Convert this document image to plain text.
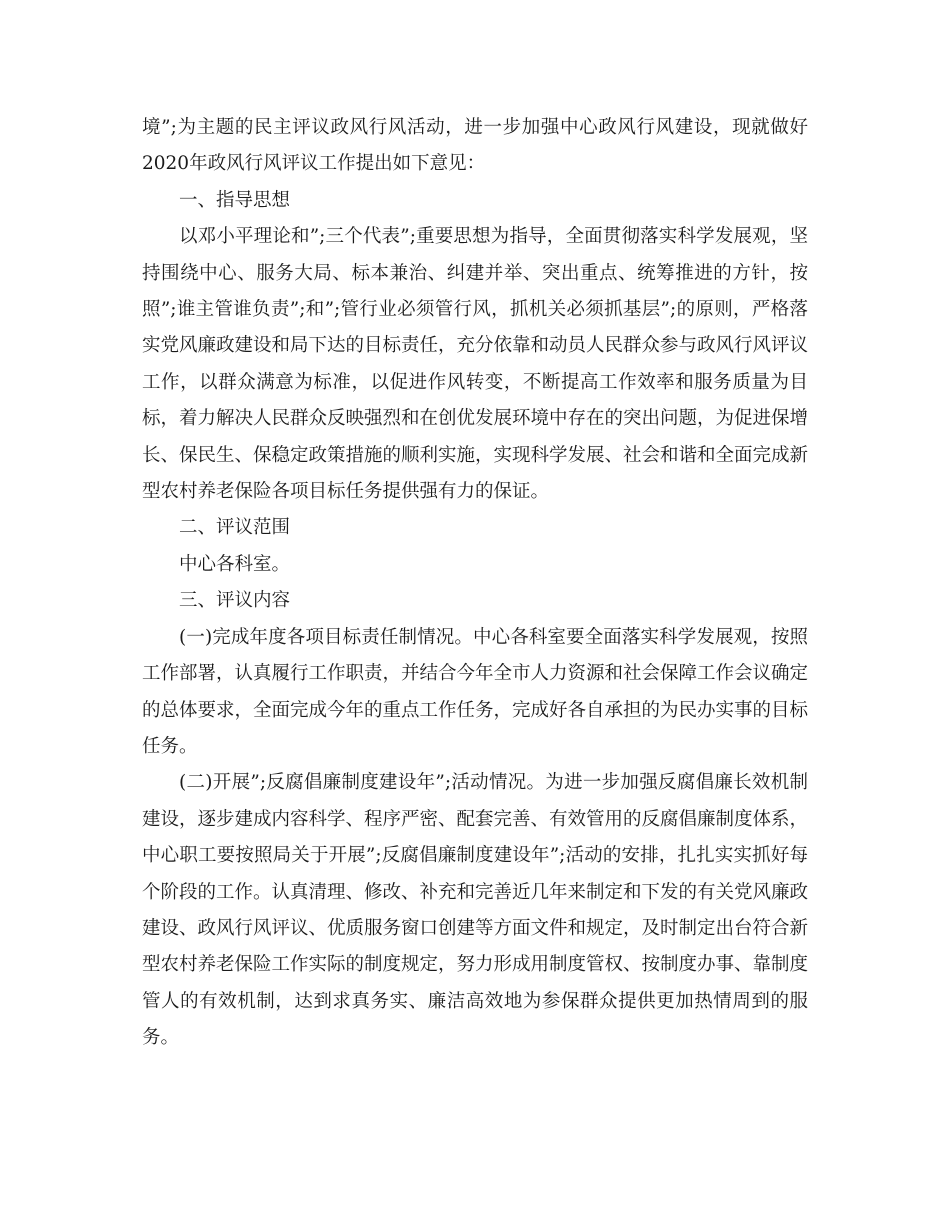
境”;为主题的民主评议政风行风活动，进一步加强中心政风行风建设，现就做好2020年政风行风评议工作提出如下意见：

一、指导思想

以邓小平理论和”;三个代表”;重要思想为指导，全面贯彻落实科学发展观，坚持围绕中心、服务大局、标本兼治、纠建并举、突出重点、统筹推进的方针，按照”;谁主管谁负责”;和”;管行业必须管行风，抓机关必须抓基层”;的原则，严格落实党风廉政建设和局下达的目标责任，充分依靠和动员人民群众参与政风行风评议工作，以群众满意为标准，以促进作风转变，不断提高工作效率和服务质量为目标，着力解决人民群众反映强烈和在创优发展环境中存在的突出问题，为促进保增长、保民生、保稳定政策措施的顺利实施，实现科学发展、社会和谐和全面完成新型农村养老保险各项目标任务提供强有力的保证。

二、评议范围

中心各科室。

三、评议内容

(一)完成年度各项目标责任制情况。中心各科室要全面落实科学发展观，按照工作部署，认真履行工作职责，并结合今年全市人力资源和社会保障工作会议确定的总体要求，全面完成今年的重点工作任务，完成好各自承担的为民办实事的目标任务。

(二)开展”;反腐倡廉制度建设年”;活动情况。为进一步加强反腐倡廉长效机制建设，逐步建成内容科学、程序严密、配套完善、有效管用的反腐倡廉制度体系，中心职工要按照局关于开展”;反腐倡廉制度建设年”;活动的安排，扎扎实实抓好每个阶段的工作。认真清理、修改、补充和完善近几年来制定和下发的有关党风廉政建设、政风行风评议、优质服务窗口创建等方面文件和规定，及时制定出台符合新型农村养老保险工作实际的制度规定，努力形成用制度管权、按制度办事、靠制度管人的有效机制，达到求真务实、廉洁高效地为参保群众提供更加热情周到的服务。
